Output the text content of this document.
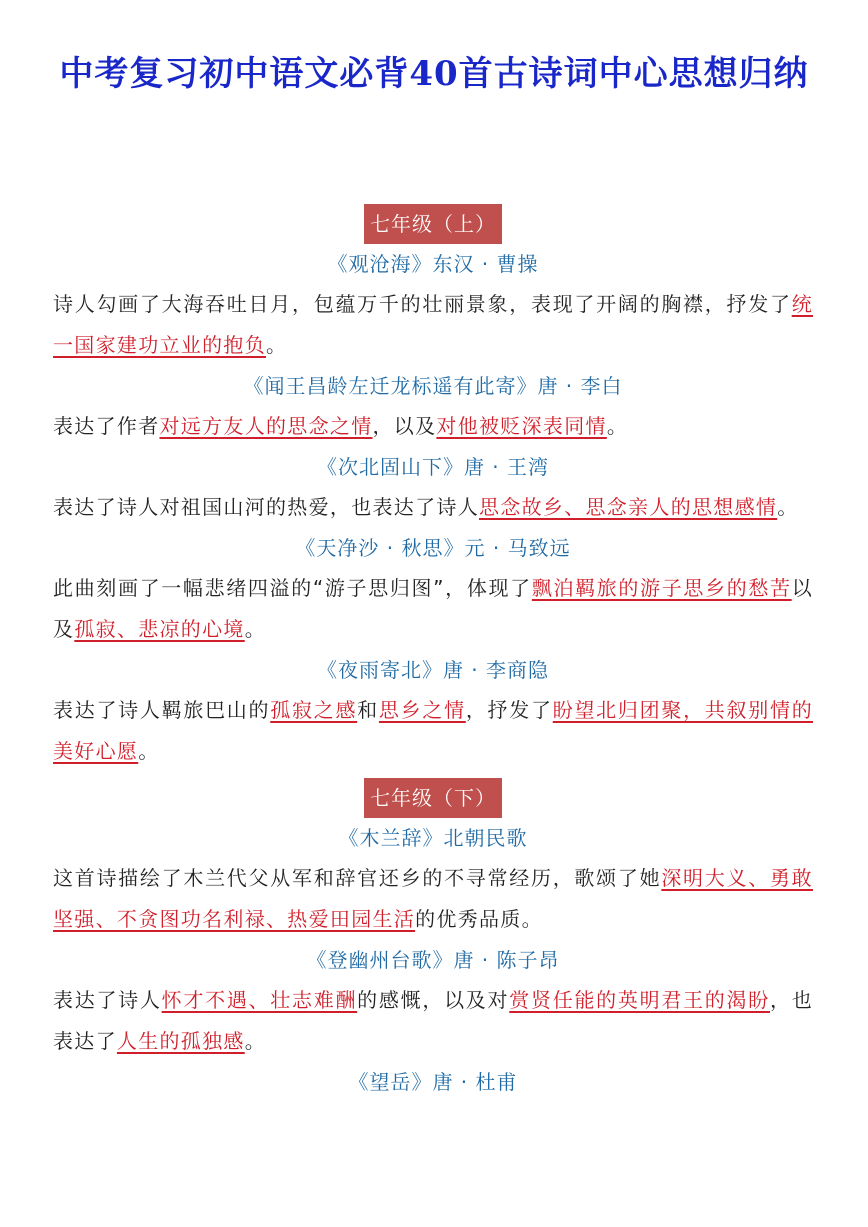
中考复习初中语文必背40首古诗词中心思想归纳
七年级（上）
《观沧海》东汉 · 曹操

诗人勾画了大海吞吐日月，包蕴万千的壮丽景象，表现了开阔的胸襟，抒发了统一国家建功立业的抱负。

《闻王昌龄左迁龙标遥有此寄》唐 · 李白

表达了作者对远方友人的思念之情，以及对他被贬深表同情。

《次北固山下》唐 · 王湾

表达了诗人对祖国山河的热爱，也表达了诗人思念故乡、思念亲人的思想感情。

《天净沙 · 秋思》元 · 马致远

此曲刻画了一幅悲绪四溢的“游子思归图”，体现了飘泊羁旅的游子思乡的愁苦以及孤寂、悲凉的心境。

《夜雨寄北》唐 · 李商隐

表达了诗人羁旅巴山的孤寂之感和思乡之情，抒发了盼望北归团聚，共叙别情的美好心愿。

七年级（下）
《木兰辞》北朝民歌

这首诗描绘了木兰代父从军和辞官还乡的不寻常经历，歌颂了她深明大义、勇敢坚强、不贪图功名利禄、热爱田园生活的优秀品质。

《登幽州台歌》唐 · 陈子昂

表达了诗人怀才不遇、壮志难酬的感慨，以及对赏贤任能的英明君王的渴盼，也表达了人生的孤独感。

《望岳》唐 · 杜甫
